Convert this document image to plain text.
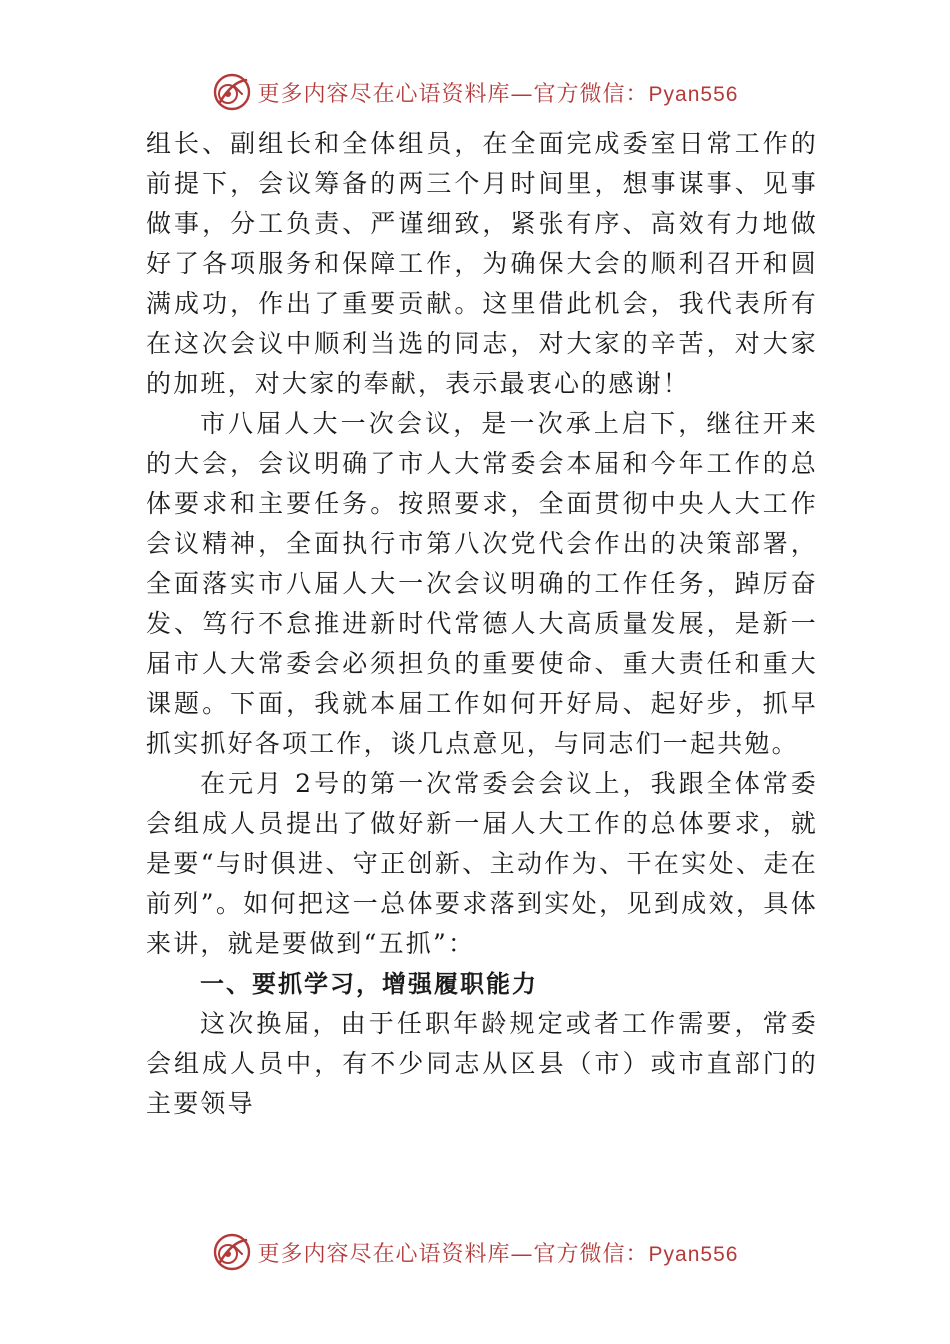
更多内容尽在心语资料库—官方微信：Pyan556

组长、副组长和全体组员，在全面完成委室日常工作的前提下，会议筹备的两三个月时间里，想事谋事、见事做事，分工负责、严谨细致，紧张有序、高效有力地做好了各项服务和保障工作，为确保大会的顺利召开和圆满成功，作出了重要贡献。这里借此机会，我代表所有在这次会议中顺利当选的同志，对大家的辛苦，对大家的加班，对大家的奉献，表示最衷心的感谢！

市八届人大一次会议，是一次承上启下，继往开来的大会，会议明确了市人大常委会本届和今年工作的总体要求和主要任务。按照要求，全面贯彻中央人大工作会议精神，全面执行市第八次党代会作出的决策部署，全面落实市八届人大一次会议明确的工作任务，踔厉奋发、笃行不怠推进新时代常德人大高质量发展，是新一届市人大常委会必须担负的重要使命、重大责任和重大课题。下面，我就本届工作如何开好局、起好步，抓早抓实抓好各项工作，谈几点意见，与同志们一起共勉。

在元月 2号的第一次常委会会议上，我跟全体常委会组成人员提出了做好新一届人大工作的总体要求，就是要“与时俱进、守正创新、主动作为、干在实处、走在前列”。如何把这一总体要求落到实处，见到成效，具体来讲，就是要做到“五抓”：

一、要抓学习，增强履职能力

这次换届，由于任职年龄规定或者工作需要，常委会组成人员中，有不少同志从区县（市）或市直部门的主要领导

更多内容尽在心语资料库—官方微信：Pyan556
